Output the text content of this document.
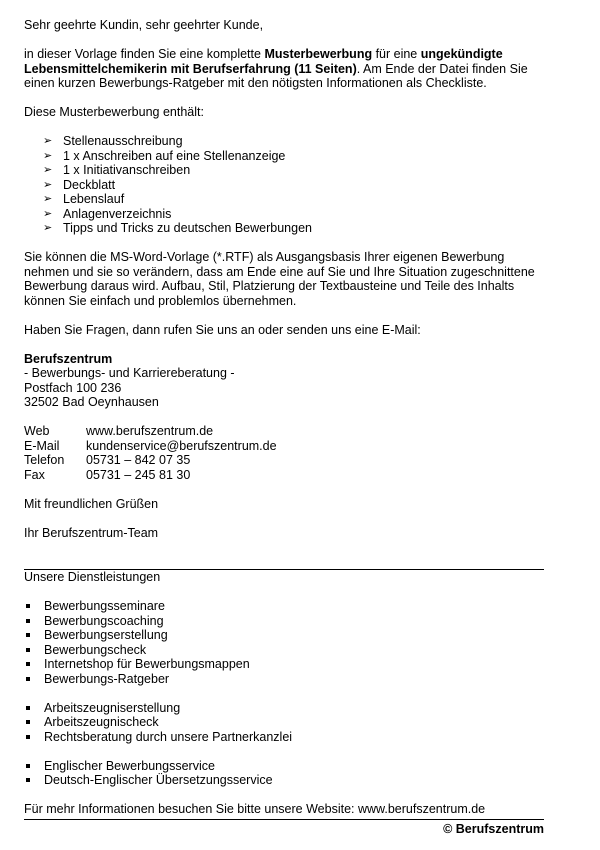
Sehr geehrte Kundin, sehr geehrter Kunde,

in dieser Vorlage finden Sie eine komplette Musterbewerbung für eine ungekündigte Lebensmittelchemikerin mit Berufserfahrung (11 Seiten). Am Ende der Datei finden Sie einen kurzen Bewerbungs-Ratgeber mit den nötigsten Informationen als Checkliste.

Diese Musterbewerbung enthält:

➢ Stellenausschreibung
➢ 1 x Anschreiben auf eine Stellenanzeige
➢ 1 x Initiativanschreiben
➢ Deckblatt
➢ Lebenslauf
➢ Anlagenverzeichnis
➢ Tipps und Tricks zu deutschen Bewerbungen

Sie können die MS-Word-Vorlage (*.RTF) als Ausgangsbasis Ihrer eigenen Bewerbung nehmen und sie so verändern, dass am Ende eine auf Sie und Ihre Situation zugeschnittene Bewerbung daraus wird. Aufbau, Stil, Platzierung der Textbausteine und Teile des Inhalts können Sie einfach und problemlos übernehmen.

Haben Sie Fragen, dann rufen Sie uns an oder senden uns eine E-Mail:

Berufszentrum

- Bewerbungs- und Karriereberatung -

Postfach 100 236

32502 Bad Oeynhausen

Web	www.berufszentrum.de
E-Mail	kundenservice@berufszentrum.de
Telefon	05731 – 842 07 35
Fax	05731 – 245 81 30

Mit freundlichen Grüßen

Ihr Berufszentrum-Team

Unsere Dienstleistungen

Bewerbungsseminare
Bewerbungscoaching
Bewerbungserstellung
Bewerbungscheck
Internetshop für Bewerbungsmappen
Bewerbungs-Ratgeber
Arbeitszeugniserstellung
Arbeitszeugnischeck
Rechtsberatung durch unsere Partnerkanzlei
Englischer Bewerbungsservice
Deutsch-Englischer Übersetzungsservice

Für mehr Informationen besuchen Sie bitte unsere Website: www.berufszentrum.de

© Berufszentrum
